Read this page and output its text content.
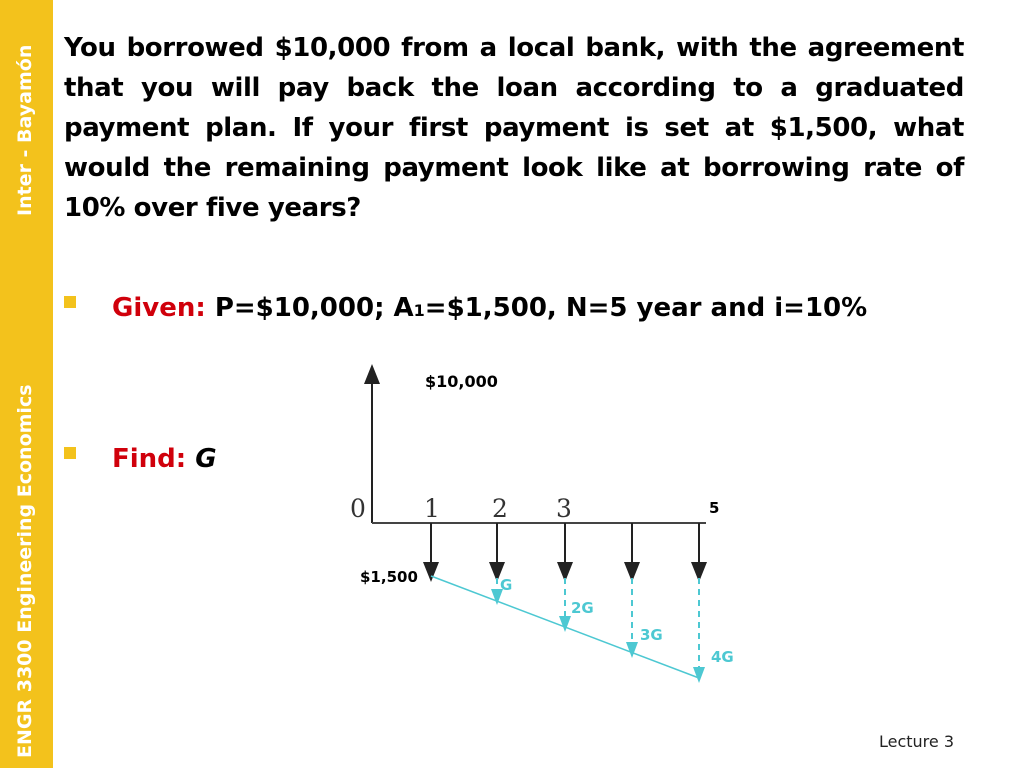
Inter - Bayamón
ENGR 3300 Engineering Economics
You borrowed $10,000 from a local bank, with the agreement that you will pay back the loan according to a graduated payment plan. If your first payment is set at $1,500, what would the remaining payment look like at borrowing rate of 10% over five years?
Given:
P=$10,000; A 1 =$1,500, N=5 year and i=10%
Find:
G
$10,000
0 1 2 3	5
$1,500	G
2G
3G
4G
Lecture 3
